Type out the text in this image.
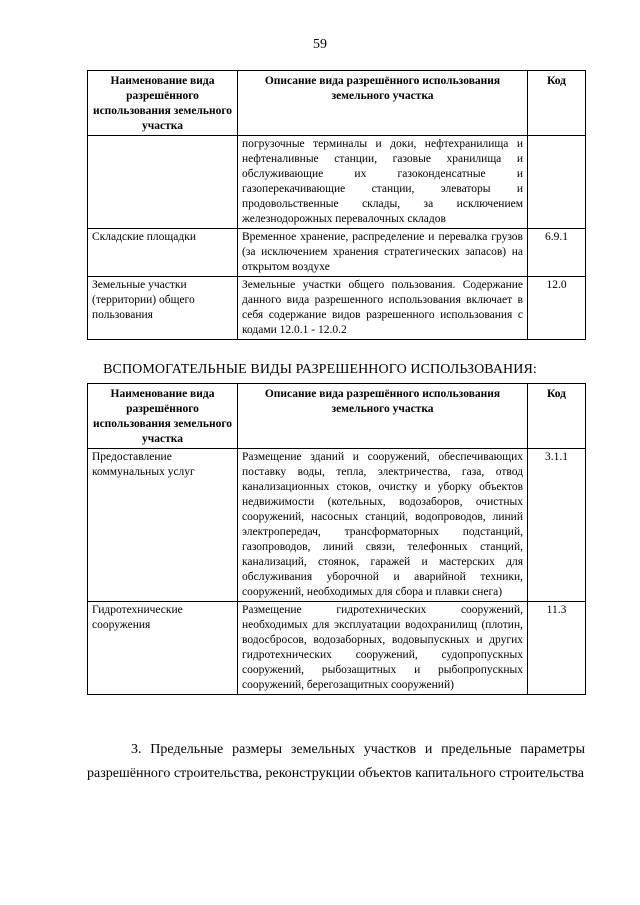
59
Наименование вида разрешённого использования земельного участка	Описание вида разрешённого использования земельного участка	Код
	погрузочные терминалы и доки, нефтехранилища и нефтеналивные станции, газовые хранилища и обслуживающие их газоконденсатные и газоперекачивающие станции, элеваторы и продовольственные склады, за исключением железнодорожных перевалочных складов	
Складские площадки	Временное хранение, распределение и перевалка грузов (за исключением хранения стратегических запасов) на открытом воздухе	6.9.1
Земельные участки (территории) общего пользования	Земельные участки общего пользования. Содержание данного вида разрешенного использования включает в себя содержание видов разрешенного использования с кодами 12.0.1 - 12.0.2	12.0
ВСПОМОГАТЕЛЬНЫЕ ВИДЫ РАЗРЕШЕННОГО ИСПОЛЬЗОВАНИЯ:
Наименование вида разрешённого использования земельного участка	Описание вида разрешённого использования земельного участка	Код
Предоставление коммунальных услуг	Размещение зданий и сооружений, обеспечивающих поставку воды, тепла, электричества, газа, отвод канализационных стоков, очистку и уборку объектов недвижимости (котельных, водозаборов, очистных сооружений, насосных станций, водопроводов, линий электропередач, трансформаторных подстанций, газопроводов, линий связи, телефонных станций, канализаций, стоянок, гаражей и мастерских для обслуживания уборочной и аварийной техники, сооружений, необходимых для сбора и плавки снега)	3.1.1
Гидротехнические сооружения	Размещение гидротехнических сооружений, необходимых для эксплуатации водохранилищ (плотин, водосбросов, водозаборных, водовыпускных и других гидротехнических сооружений, судопропускных сооружений, рыбозащитных и рыбопропускных сооружений, берегозащитных сооружений)	11.3
3. Предельные размеры земельных участков и предельные параметры разрешённого строительства, реконструкции объектов капитального строительства
